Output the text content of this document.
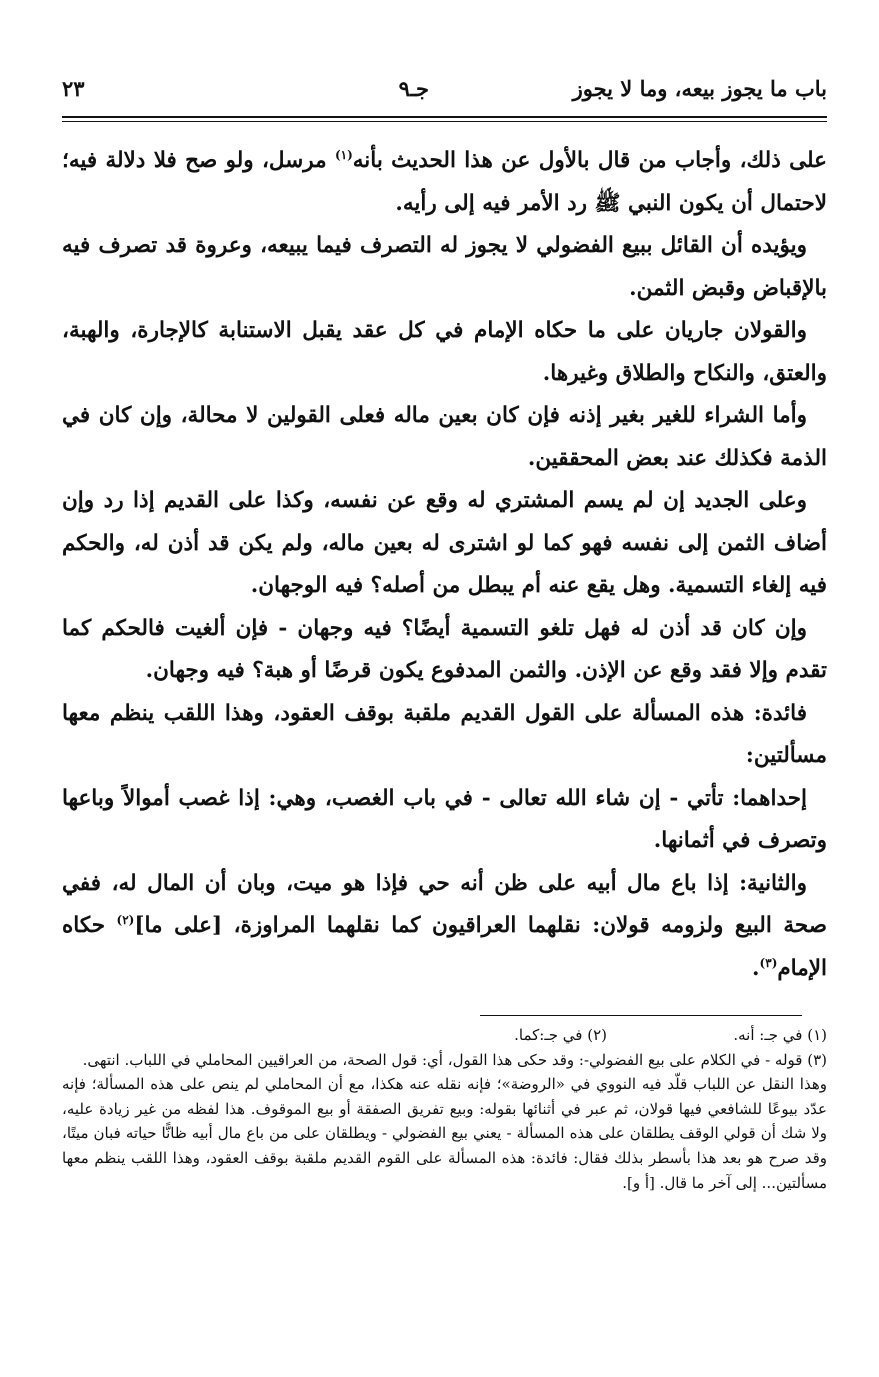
باب ما يجوز بيعه، وما لا يجوز
جـ٩
٢٣

على ذلك، وأجاب من قال بالأول عن هذا الحديث بأنه$^{(١)}$ مرسل، ولو صح فلا دلالة فيه؛ لاحتمال أن يكون النبي ﷺ رد الأمر فيه إلى رأيه.

ويؤيده أن القائل ببيع الفضولي لا يجوز له التصرف فيما يبيعه، وعروة قد تصرف فيه بالإقباض وقبض الثمن.

والقولان جاريان على ما حكاه الإمام في كل عقد يقبل الاستنابة كالإجارة، والهبة، والعتق، والنكاح والطلاق وغيرها.

وأما الشراء للغير بغير إذنه فإن كان بعين ماله فعلى القولين لا محالة، وإن كان في الذمة فكذلك عند بعض المحققين.

وعلى الجديد إن لم يسم المشتري له وقع عن نفسه، وكذا على القديم إذا رد وإن أضاف الثمن إلى نفسه فهو كما لو اشترى له بعين ماله، ولم يكن قد أذن له، والحكم فيه إلغاء التسمية. وهل يقع عنه أم يبطل من أصله؟ فيه الوجهان.

وإن كان قد أذن له فهل تلغو التسمية أيضًا؟ فيه وجهان - فإن ألغيت فالحكم كما تقدم وإلا فقد وقع عن الإذن. والثمن المدفوع يكون قرضًا أو هبة؟ فيه وجهان.

فائدة: هذه المسألة على القول القديم ملقبة بوقف العقود، وهذا اللقب ينظم معها مسألتين:

إحداهما: تأتي - إن شاء الله تعالى - في باب الغصب، وهي: إذا غصب أموالاً وباعها وتصرف في أثمانها.

والثانية: إذا باع مال أبيه على ظن أنه حي فإذا هو ميت، وبان أن المال له، ففي صحة البيع ولزومه قولان: نقلهما العراقيون كما نقلهما المراوزة، [على ما]$^{(٢)}$ حكاه الإمام$^{(٣)}$.

(١) في جـ: أنه.
(٢) في جـ:كما.

(٣) قوله - في الكلام على بيع الفضولي-: وقد حكى هذا القول، أي: قول الصحة، من العراقيين المحاملي في اللباب. انتهى.

وهذا النقل عن اللباب قلّد فيه النووي في «الروضة»؛ فإنه نقله عنه هكذا، مع أن المحاملي لم ينص على هذه المسألة؛ فإنه عدّد بيوعًا للشافعي فيها قولان، ثم عبر في أثنائها بقوله: وبيع تفريق الصفقة أو بيع الموقوف. هذا لفظه من غير زيادة عليه، ولا شك أن قولي الوقف يطلقان على هذه المسألة - يعني بيع الفضولي - ويطلقان على من باع مال أبيه ظانًّا حياته فبان ميتًا، وقد صرح هو بعد هذا بأسطر بذلك فقال: فائدة: هذه المسألة على القوم القديم ملقبة بوقف العقود، وهذا اللقب ينظم معها مسألتين... إلى آخر ما قال. [أ و].
